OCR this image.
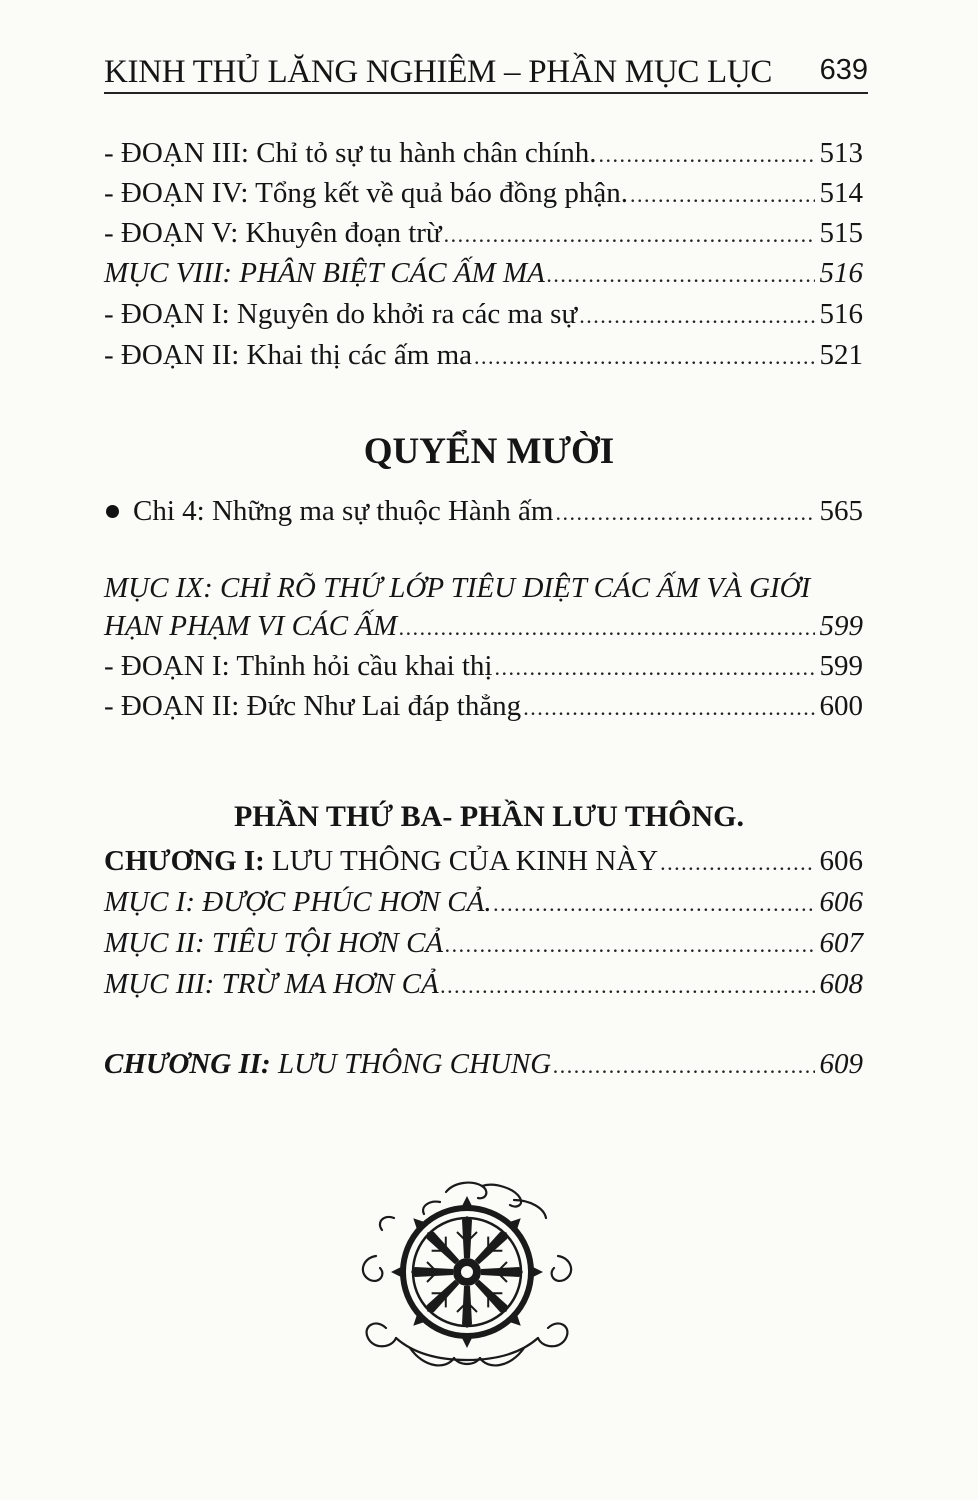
KINH THỦ LĂNG NGHIÊM – PHẦN MỤC LỤC 639
- ĐOẠN III: Chỉ tỏ sự tu hành chân chính. .....	513
- ĐOẠN IV: Tổng kết về quả báo đồng phận. .....	514
- ĐOẠN V: Khuyên đoạn trừ .....	515
MỤC VIII: PHÂN BIỆT CÁC ẤM MA .....	516
- ĐOẠN I: Nguyên do khởi ra các ma sự .....	516
- ĐOẠN II: Khai thị các ấm ma .....	521
QUYỂN MƯỜI
Chi 4: Những ma sự thuộc Hành ấm .....	565
MỤC IX: CHỈ RÕ THỨ LỚP TIÊU DIỆT CÁC ẤM VÀ GIỚI
HẠN PHẠM VI CÁC ẤM .....	599
- ĐOẠN I: Thỉnh hỏi cầu khai thị .....	599
- ĐOẠN II: Đức Như Lai đáp thẳng .....	600
PHẦN THỨ BA- PHẦN LƯU THÔNG.
CHƯƠNG I: LƯU THÔNG CỦA KINH NÀY .....	606
MỤC I: ĐƯỢC PHÚC HƠN CẢ. .....	606
MỤC II: TIÊU TỘI HƠN CẢ .....	607
MỤC III: TRỪ MA HƠN CẢ .....	608
CHƯƠNG II: LƯU THÔNG CHUNG .....	609
